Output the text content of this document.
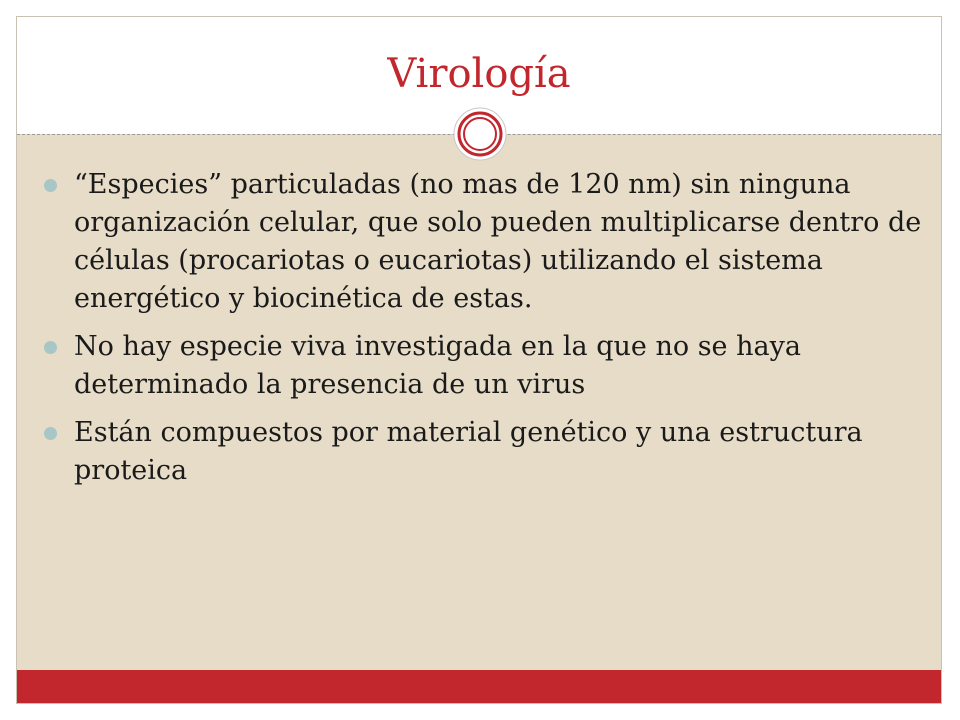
Virología
“Especies” particuladas (no mas de 120 nm) sin ninguna organización celular, que solo pueden multiplicarse dentro de células (procariotas o eucariotas) utilizando el sistema energético y biocinética de estas.
No hay especie viva investigada en la que no se haya determinado la presencia de un virus
Están compuestos por material genético y una estructura proteica
